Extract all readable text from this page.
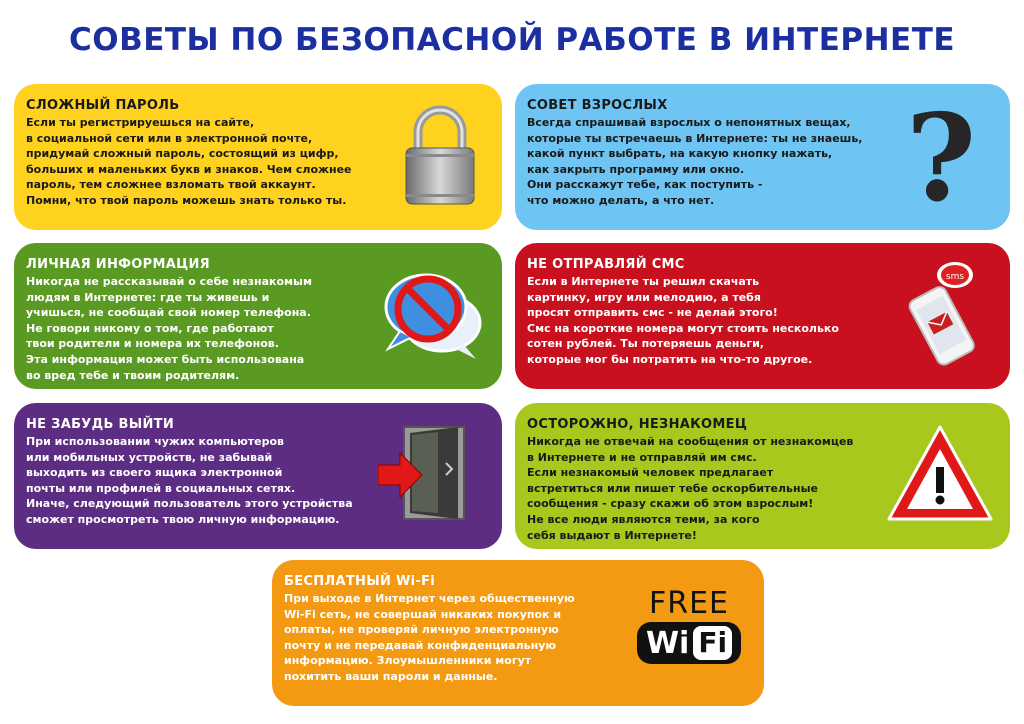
СОВЕТЫ ПО БЕЗОПАСНОЙ РАБОТЕ В ИНТЕРНЕТЕ
СЛОЖНЫЙ ПАРОЛЬ

Если ты регистрируешься на сайте,
в социальной сети или в электронной почте,
придумай сложный пароль, состоящий из цифр,
больших и маленьких букв и знаков. Чем сложнее
пароль, тем сложнее взломать твой аккаунт.
Помни, что твой пароль можешь знать только ты.

СОВЕТ ВЗРОСЛЫХ

Всегда спрашивай взрослых о непонятных вещах,
которые ты встречаешь в Интернете: ты не знаешь,
какой пункт выбрать, на какую кнопку нажать,
как закрыть программу или окно.
Они расскажут тебе, как поступить -
что можно делать, а что нет.	?
ЛИЧНАЯ ИНФОРМАЦИЯ

Никогда не рассказывай о себе незнакомым
людям в Интернете: где ты живешь и
учишься, не сообщай свой номер телефона.
Не говори никому о том, где работают
твои родители и номера их телефонов.
Эта информация может быть использована
во вред тебе и твоим родителям.

НЕ ОТПРАВЛЯЙ СМС

Если в Интернете ты решил скачать
картинку, игру или мелодию, а тебя
просят отправить смс - не делай этого!
Смс на короткие номера могут стоить несколько
сотен рублей. Ты потеряешь деньги,
которые мог бы потратить на что-то другое.

sms
НЕ ЗАБУДЬ ВЫЙТИ

При использовании чужих компьютеров
или мобильных устройств, не забывай
выходить из своего ящика электронной
почты или профилей в социальных сетях.
Иначе, следующий пользователь этого устройства
сможет просмотреть твою личную информацию.

ОСТОРОЖНО, НЕЗНАКОМЕЦ

Никогда не отвечай на сообщения от незнакомцев
в Интернете и не отправляй им смс.
Если незнакомый человек предлагает
встретиться или пишет тебе оскорбительные
сообщения - сразу скажи об этом взрослым!
Не все люди являются теми, за кого
себя выдают в Интернете!

БЕСПЛАТНЫЙ Wi-Fi

При выходе в Интернет через общественную
Wi-Fi сеть, не совершай никаких покупок и
оплаты, не проверяй личную электронную
почту и не передавай конфиденциальную
информацию. Злоумышленники могут
похитить ваши пароли и данные.

FREE
Wi Fi
